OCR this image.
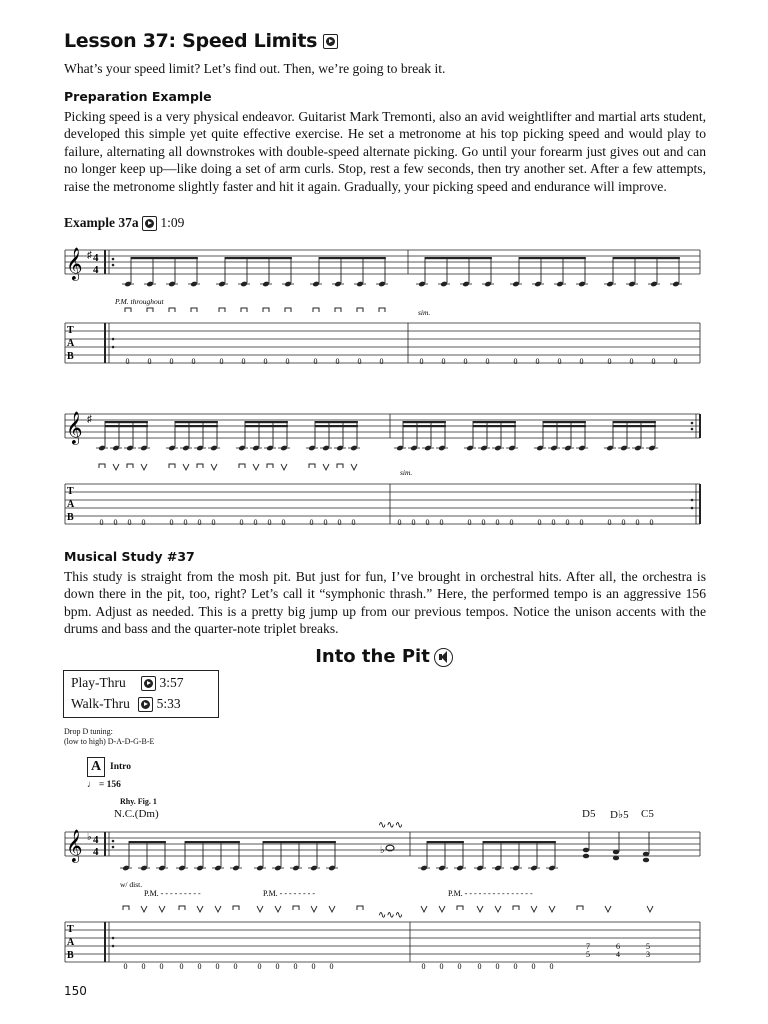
Lesson 37: Speed Limits

What’s your speed limit? Let’s find out. Then, we’re going to break it.

Preparation Example

Picking speed is a very physical endeavor. Guitarist Mark Tremonti, also an avid weightlifter and martial arts student, developed this simple yet quite effective exercise. He set a metronome at his top picking speed and would play to failure, alternating all downstrokes with double-speed alternate picking. Go until your forearm just gives out and can no longer keep up—like doing a set of arm curls. Stop, rest a few seconds, then try another set. After a few attempts, raise the metronome slightly faster and hit it again. Gradually, your picking speed and endurance will improve.

Example 37a 1:09
P.M. throughout
sim.
𝄞
T
A
B
♯ 4
4
0 0 0 0	0 0 0 0	0 0 0 0	0 0 0 0	0 0 0 0	0 0 0 0
𝄞
T
A
B
♯
0 0 0 0	0 0 0 0	0 0 0 0	0 0 0 0	0 0 0 0	0 0 0 0	0 0 0 0	0 0 0 0
sim.
Musical Study #37

This study is straight from the mosh pit. But just for fun, I’ve brought in orchestral hits. After all, the orchestra is down there in the pit, too, right? Let’s call it “symphonic thrash.” Here, the performed tempo is an aggressive 156 bpm. Adjust as needed. This is a pretty big jump up from our previous tempos. Notice the unison accents with the drums and bass and the quarter-note triplet breaks.

Into the Pit
Play-Thru	3:57
Walk-Thru 5:33
Drop D tuning:
(low to high) D-A-D-G-B-E
A Intro
♩ = 156
Rhy. Fig. 1
N.C.(Dm)	D5 D♭5 C5
𝄞
T
A
B
♭ 4
4
0 0 0 0 0 0 0	0 0 0 0 0	0 0 0 0 0 0 0 0
∿∿∿
∿∿∿
P.M. - - - - - - - - -	P.M. - - - - - - - -	P.M. - - - - - - - - - - - - - - -
7
5
6
4
5
3
♭
w/ dist.
150
